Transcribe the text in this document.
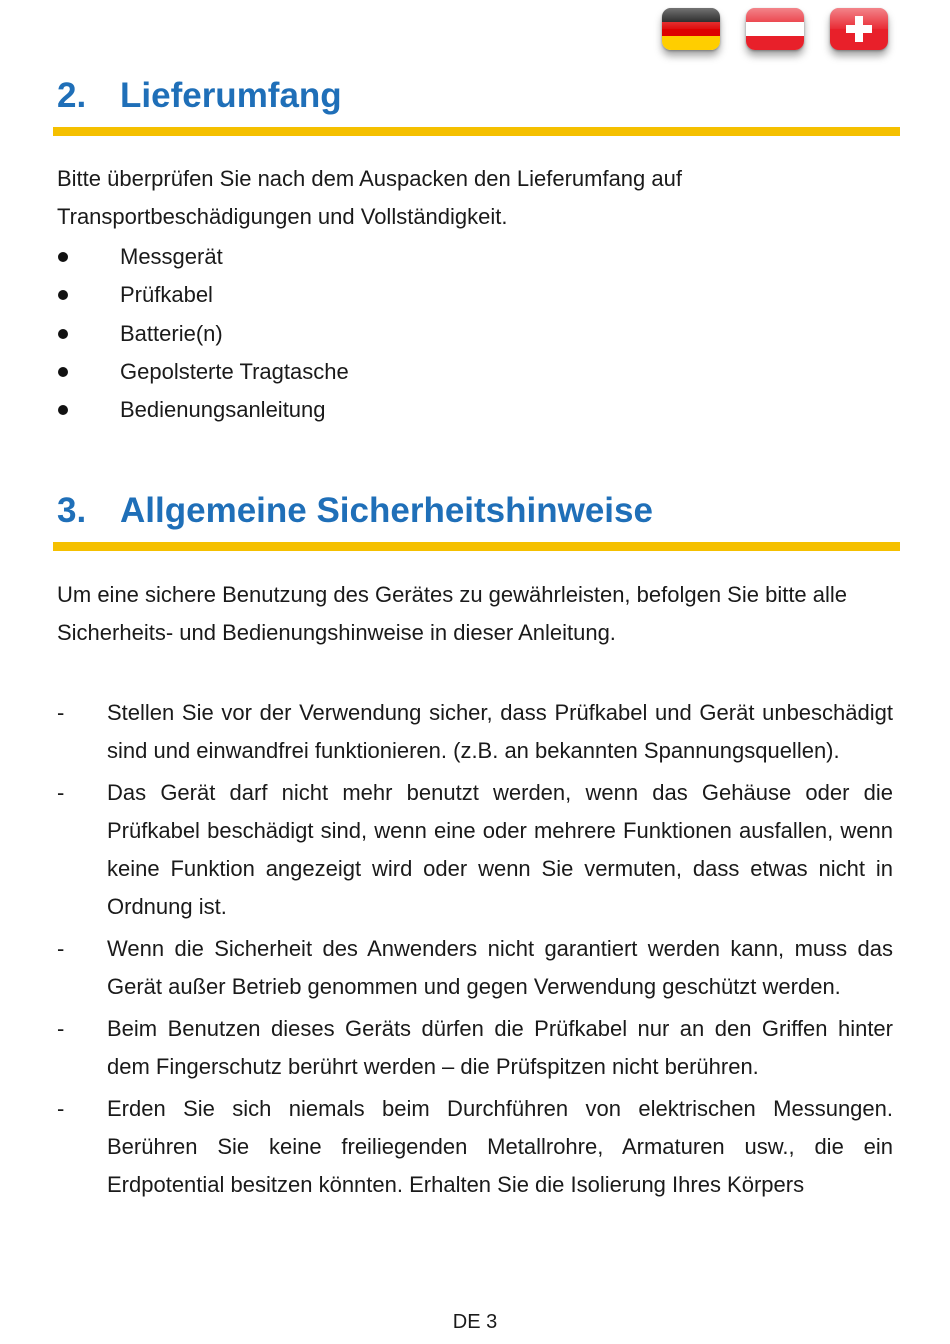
2. Lieferumfang

Bitte überprüfen Sie nach dem Auspacken den Lieferumfang auf Transportbeschädigungen und Vollständigkeit.

Messgerät
Prüfkabel
Batterie(n)
Gepolsterte Tragtasche
Bedienungsanleitung
3. Allgemeine Sicherheitshinweise

Um eine sichere Benutzung des Gerätes zu gewährleisten, befolgen Sie bitte alle Sicherheits- und Bedienungshinweise in dieser Anleitung.

-	Stellen Sie vor der Verwendung sicher, dass Prüfkabel und Gerät unbeschädigt sind und einwandfrei funktionieren. (z.B. an bekannten Spannungsquellen).
-	Das Gerät darf nicht mehr benutzt werden, wenn das Gehäuse oder die Prüfkabel beschädigt sind, wenn eine oder mehrere Funktionen ausfallen, wenn keine Funktion angezeigt wird oder wenn Sie vermuten, dass etwas nicht in Ordnung ist.
-	Wenn die Sicherheit des Anwenders nicht garantiert werden kann, muss das Gerät außer Betrieb genommen und gegen Verwendung geschützt werden.
-	Beim Benutzen dieses Geräts dürfen die Prüfkabel nur an den Griffen hinter dem Fingerschutz berührt werden – die Prüfspitzen nicht berühren.
-	Erden Sie sich niemals beim Durchführen von elektrischen Messungen. Berühren Sie keine freiliegenden Metallrohre, Armaturen usw., die ein Erdpotential besitzen könnten. Erhalten Sie die Isolierung Ihres Körpers
DE 3
